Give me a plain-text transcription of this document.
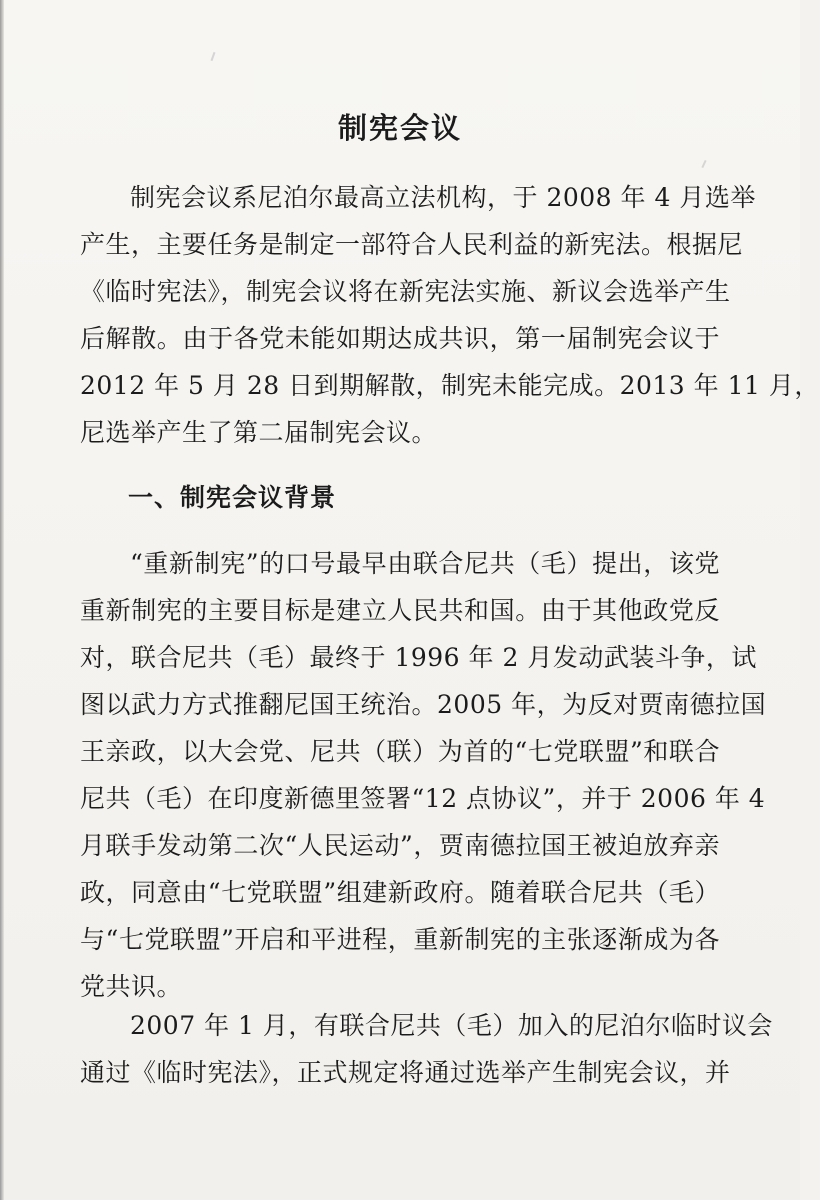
制宪会议
制宪会议系尼泊尔最高立法机构，于 2008 年 4 月选举
产生，主要任务是制定一部符合人民利益的新宪法。根据尼
《临时宪法》，制宪会议将在新宪法实施、新议会选举产生
后解散。由于各党未能如期达成共识，第一届制宪会议于
2012 年 5 月 28 日到期解散，制宪未能完成。2013 年 11 月，
尼选举产生了第二届制宪会议。
一、制宪会议背景
“重新制宪”的口号最早由联合尼共（毛）提出，该党
重新制宪的主要目标是建立人民共和国。由于其他政党反
对，联合尼共（毛）最终于 1996 年 2 月发动武装斗争，试
图以武力方式推翻尼国王统治。2005 年，为反对贾南德拉国
王亲政，以大会党、尼共（联）为首的“七党联盟”和联合
尼共（毛）在印度新德里签署“12 点协议”，并于 2006 年 4
月联手发动第二次“人民运动”，贾南德拉国王被迫放弃亲
政，同意由“七党联盟”组建新政府。随着联合尼共（毛）
与“七党联盟”开启和平进程，重新制宪的主张逐渐成为各
党共识。
2007 年 1 月，有联合尼共（毛）加入的尼泊尔临时议会
通过《临时宪法》，正式规定将通过选举产生制宪会议，并
